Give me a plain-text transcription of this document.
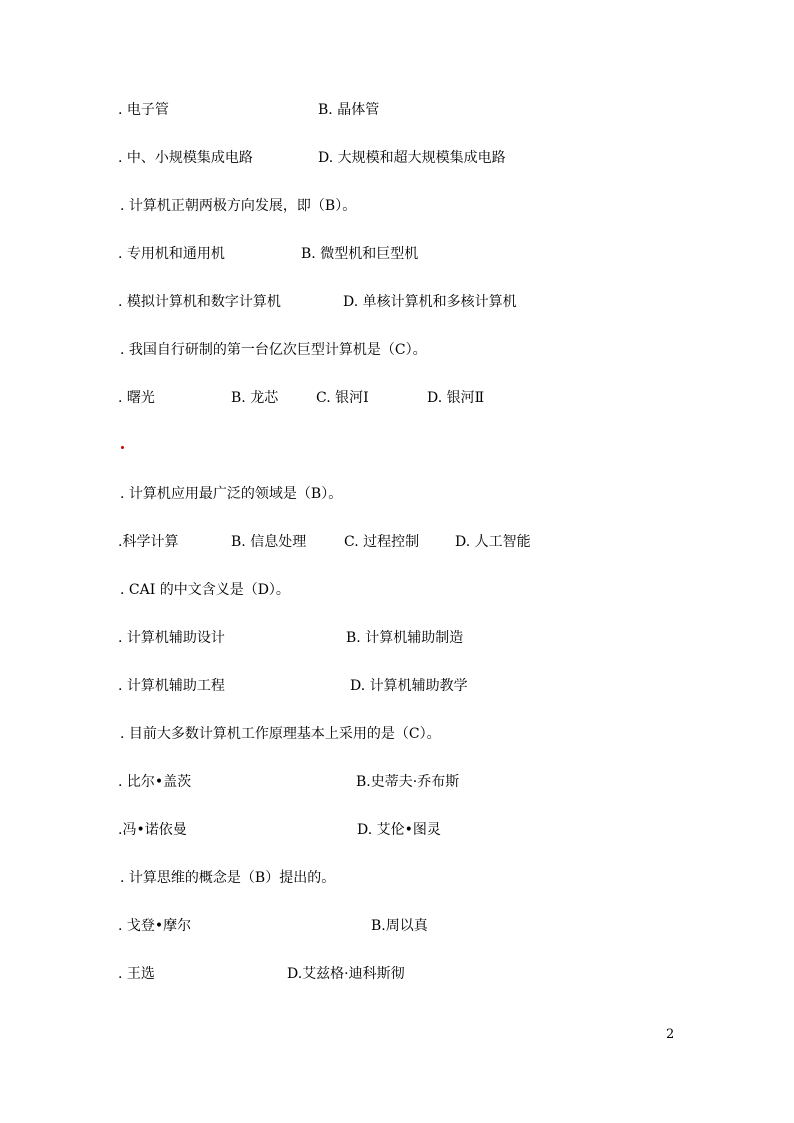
. 电子管	B. 晶体管
. 中、小规模集成电路	D. 大规模和超大规模集成电路
. 计算机正朝两极方向发展，即（B）。
. 专用机和通用机	B. 微型机和巨型机
. 模拟计算机和数字计算机	D. 单核计算机和多核计算机
. 我国自行研制的第一台亿次巨型计算机是（C）。
. 曙光	B. 龙芯	C. 银河Ⅰ	D. 银河Ⅱ
. 计算机应用最广泛的领域是（B）。
.科学计算	B. 信息处理	C. 过程控制	D. 人工智能
. CAI 的中文含义是（D）。
. 计算机辅助设计	B. 计算机辅助制造
. 计算机辅助工程	D. 计算机辅助教学
. 目前大多数计算机工作原理基本上采用的是（C）。
. 比尔•盖茨	B.史蒂夫·乔布斯
.冯•诺依曼	D. 艾伦•图灵
. 计算思维的概念是（B）提出的。
. 戈登•摩尔	B.周以真
. 王选	D.艾兹格·迪科斯彻
2
